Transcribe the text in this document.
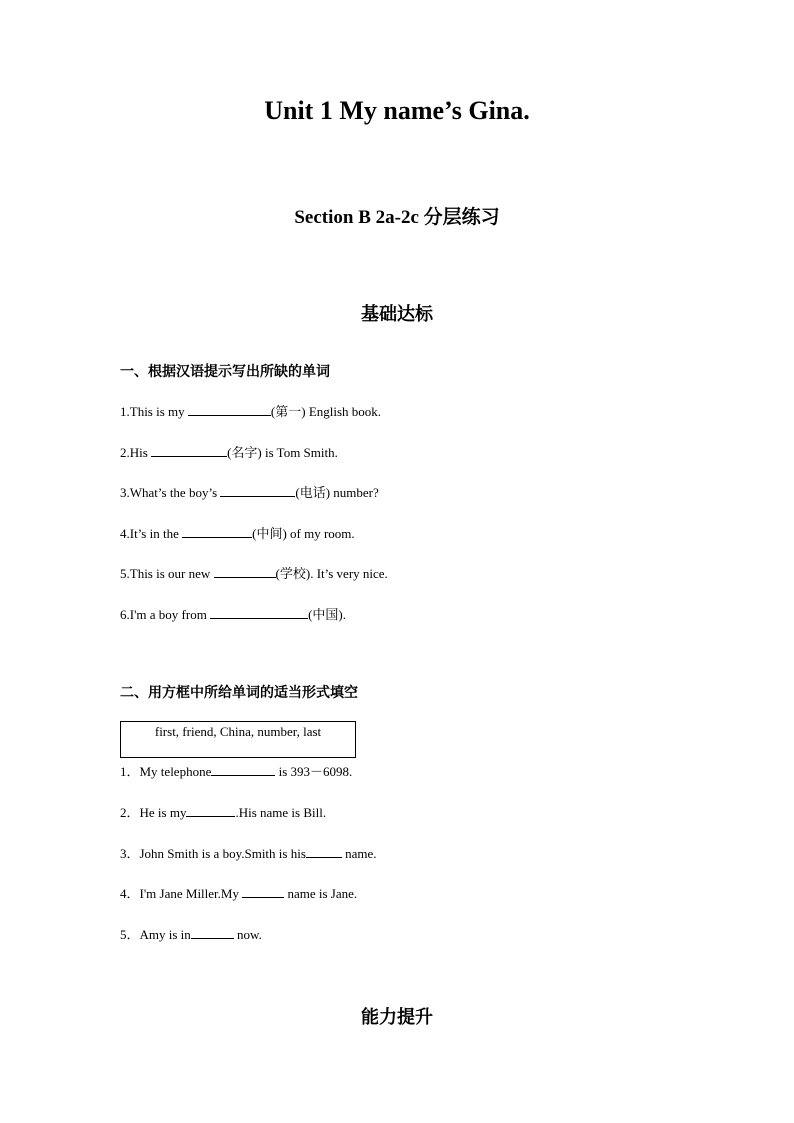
Unit 1 My name’s Gina.
Section B 2a-2c 分层练习
基础达标
一、根据汉语提示写出所缺的单词
1.This is my	(第一) English book.
2.His	(名字) is Tom Smith.
3.What’s the boy’s	(电话) number?
4.It’s in the	(中间) of my room.
5.This is our new	(学校). It’s very nice.
6.I'm a boy from	(中国).
二、用方框中所给单词的适当形式填空
first, friend, China, number, last
1．My telephone	is 393－6098.
2．He is my	.His name is Bill.
3．John Smith is a boy.Smith is his	name.
4．I'm Jane Miller.My	name is Jane.
5．Amy is in	now.
能力提升
